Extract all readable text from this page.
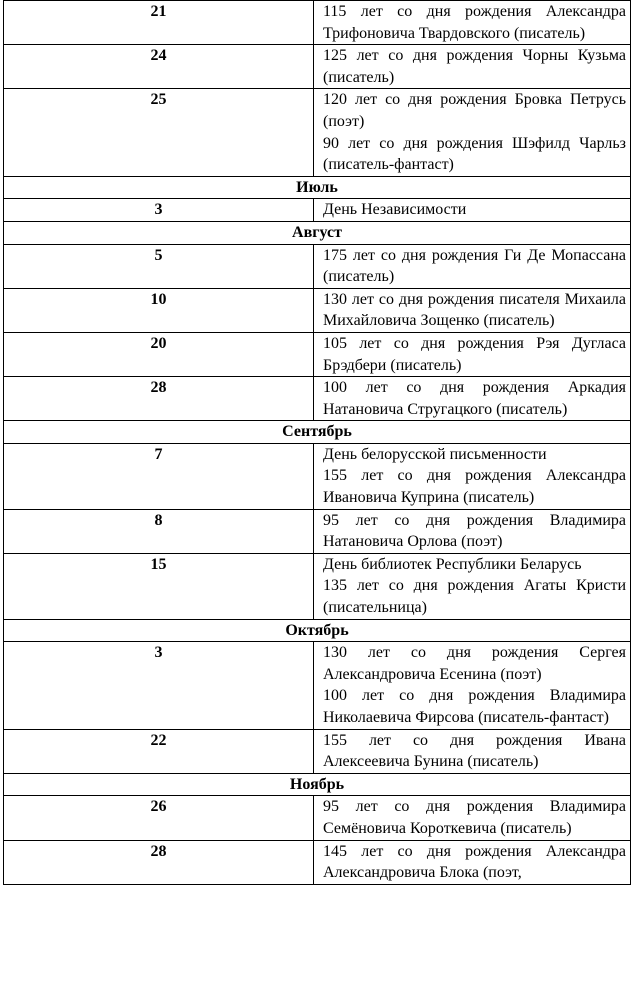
21	115 лет со дня рождения Александра Трифоновича Твардовского (писатель)

24	125 лет со дня рождения Чорны Кузьма (писатель)

25	120 лет со дня рождения Бровка Петрусь (поэт)

90 лет со дня рождения Шэфилд Чарльз (писатель-фантаст)

Июль	
3	День Независимости

Август	
5	175 лет со дня рождения Ги Де Мопассана (писатель)

10	130 лет со дня рождения писателя Михаила Михайловича Зощенко (писатель)

20	105 лет со дня рождения Рэя Дугласа Брэдбери (писатель)

28	100 лет со дня рождения Аркадия Натановича Стругацкого (писатель)

Сентябрь	
7	День белорусской письменности

155 лет со дня рождения Александра Ивановича Куприна (писатель)

8	95 лет со дня рождения Владимира Натановича Орлова (поэт)

15	День библиотек Республики Беларусь

135 лет со дня рождения Агаты Кристи (писательница)

Октябрь	
3	130 лет со дня рождения Сергея Александровича Есенина (поэт)

100 лет со дня рождения Владимира Николаевича Фирсова (писатель-фантаст)

22	155 лет со дня рождения Ивана Алексеевича Бунина (писатель)

Ноябрь	
26	95 лет со дня рождения Владимира Семёновича Короткевича (писатель)

28	145 лет со дня рождения Александра Александровича Блока (поэт,
